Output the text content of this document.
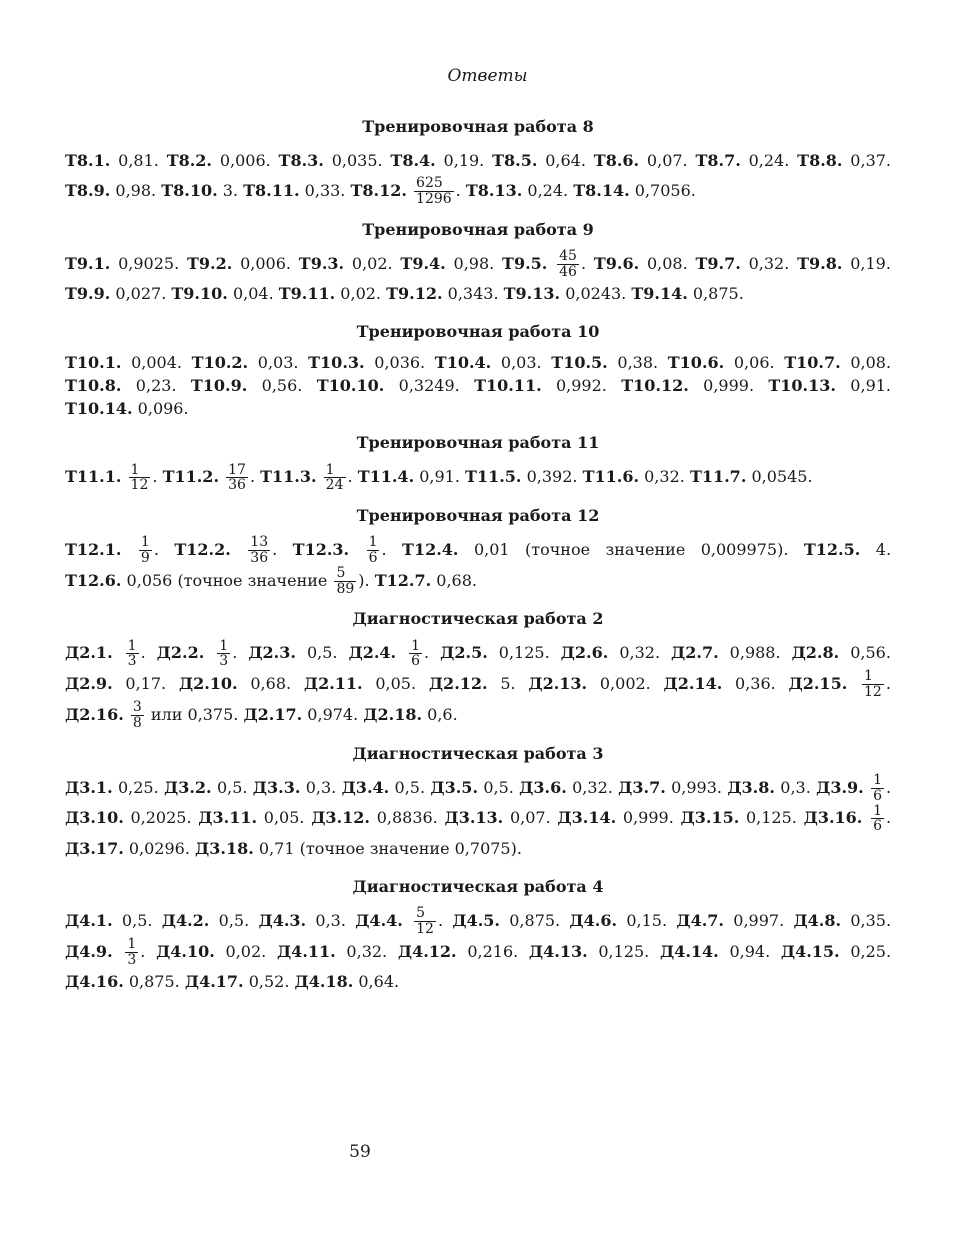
Ответы
Тренировочная работа 8
Т8.1. 0,81. Т8.2. 0,006. Т8.3. 0,035. Т8.4. 0,19. Т8.5. 0,64. Т8.6. 0,07. Т8.7. 0,24. Т8.8. 0,37. Т8.9. 0,98. Т8.10. 3. Т8.11. 0,33. Т8.12. $\frac{625}{1296}$ . Т8.13. 0,24. Т8.14. 0,7056.
Тренировочная работа 9
Т9.1. 0,9025. Т9.2. 0,006. Т9.3. 0,02. Т9.4. 0,98. Т9.5. $\frac{45}{46}$ . Т9.6. 0,08. Т9.7. 0,32. Т9.8. 0,19. Т9.9. 0,027. Т9.10. 0,04. Т9.11. 0,02. Т9.12. 0,343. Т9.13. 0,0243. Т9.14. 0,875.
Тренировочная работа 10
Т10.1. 0,004. Т10.2. 0,03. Т10.3. 0,036. Т10.4. 0,03. Т10.5. 0,38. Т10.6. 0,06. Т10.7. 0,08. Т10.8. 0,23. Т10.9. 0,56. Т10.10. 0,3249. Т10.11. 0,992. Т10.12. 0,999. Т10.13. 0,91. Т10.14. 0,096.
Тренировочная работа 11
Т11.1. $\frac{1}{12}$ . Т11.2. $\frac{17}{36}$ . Т11.3. $\frac{1}{24}$ . Т11.4. 0,91. Т11.5. 0,392. Т11.6. 0,32. Т11.7. 0,0545.
Тренировочная работа 12
Т12.1. $\frac{1}{9}$ . Т12.2. $\frac{13}{36}$ . Т12.3. $\frac{1}{6}$ . Т12.4. 0,01 (точное значение 0,009975). Т12.5. 4. Т12.6. 0,056 (точное значение $\frac{5}{89}$ ). Т12.7. 0,68.
Диагностическая работа 2
Д2.1. $\frac{1}{3}$ . Д2.2. $\frac{1}{3}$ . Д2.3. 0,5. Д2.4. $\frac{1}{6}$ . Д2.5. 0,125. Д2.6. 0,32. Д2.7. 0,988. Д2.8. 0,56. Д2.9. 0,17. Д2.10. 0,68. Д2.11. 0,05. Д2.12. 5. Д2.13. 0,002. Д2.14. 0,36. Д2.15. $\frac{1}{12}$ . Д2.16. $\frac{3}{8}$ или 0,375. Д2.17. 0,974. Д2.18. 0,6.
Диагностическая работа 3
Д3.1. 0,25. Д3.2. 0,5. Д3.3. 0,3. Д3.4. 0,5. Д3.5. 0,5. Д3.6. 0,32. Д3.7. 0,993. Д3.8. 0,3. Д3.9. $\frac{1}{6}$ . Д3.10. 0,2025. Д3.11. 0,05. Д3.12. 0,8836. Д3.13. 0,07. Д3.14. 0,999. Д3.15. 0,125. Д3.16. $\frac{1}{6}$ . Д3.17. 0,0296. Д3.18. 0,71 (точное значение 0,7075).
Диагностическая работа 4
Д4.1. 0,5. Д4.2. 0,5. Д4.3. 0,3. Д4.4. $\frac{5}{12}$ . Д4.5. 0,875. Д4.6. 0,15. Д4.7. 0,997. Д4.8. 0,35. Д4.9. $\frac{1}{3}$ . Д4.10. 0,02. Д4.11. 0,32. Д4.12. 0,216. Д4.13. 0,125. Д4.14. 0,94. Д4.15. 0,25. Д4.16. 0,875. Д4.17. 0,52. Д4.18. 0,64.
59
